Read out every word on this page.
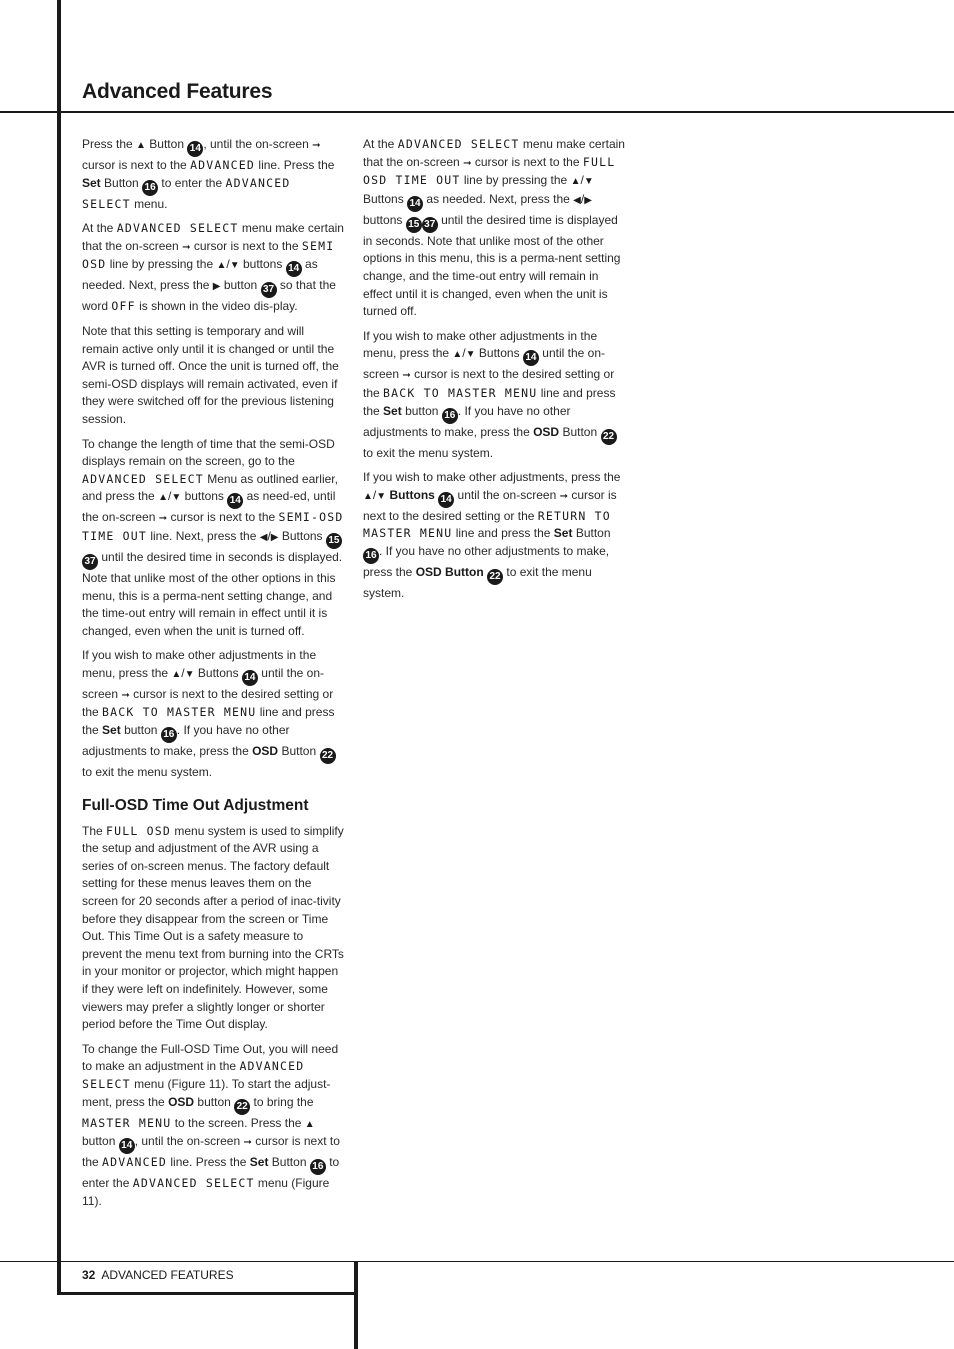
Advanced Features

Press the ▲ Button 14 , until the on-screen ➞ cursor is next to the ADVANCED line. Press the Set Button 16 to enter the ADVANCED SELECT menu.

At the ADVANCED SELECT menu make certain that the on-screen ➞ cursor is next to the SEMI OSD line by pressing the ▲/▼ buttons 14 as needed. Next, press the ▶ button 37 so that the word OFF is shown in the video dis-play.

Note that this setting is temporary and will remain active only until it is changed or until the AVR is turned off. Once the unit is turned off, the semi-OSD displays will remain activated, even if they were switched off for the previous listening session.

To change the length of time that the semi-OSD displays remain on the screen, go to the ADVANCED SELECT Menu as outlined earlier, and press the ▲/▼ buttons 14 as need-ed, until the on-screen ➞ cursor is next to the SEMI-OSD TIME OUT line. Next, press the ◀/▶ Buttons 1537 until the desired time in seconds is displayed. Note that unlike most of the other options in this menu, this is a perma-nent setting change, and the time-out entry will remain in effect until it is changed, even when the unit is turned off.

If you wish to make other adjustments in the menu, press the ▲/▼ Buttons 14 until the on-screen ➞ cursor is next to the desired setting or the BACK TO MASTER MENU line and press the Set button 16 . If you have no other adjustments to make, press the OSD Button 22 to exit the menu system.

Full-OSD Time Out Adjustment

The FULL OSD menu system is used to simplify the setup and adjustment of the AVR using a series of on-screen menus. The factory default setting for these menus leaves them on the screen for 20 seconds after a period of inac-tivity before they disappear from the screen or Time Out. This Time Out is a safety measure to prevent the menu text from burning into the CRTs in your monitor or projector, which might happen if they were left on indefinitely. However, some viewers may prefer a slightly longer or shorter period before the Time Out display.

To change the Full-OSD Time Out, you will need to make an adjustment in the ADVANCED SELECT menu (Figure 11). To start the adjust-ment, press the OSD button 22 to bring the MASTER MENU to the screen. Press the ▲ button 14 , until the on-screen ➞ cursor is next to the ADVANCED line. Press the Set Button 16 to enter the ADVANCED SELECT menu (Figure 11).

At the ADVANCED SELECT menu make certain that the on-screen ➞ cursor is next to the FULL OSD TIME OUT line by pressing the ▲/▼ Buttons 14 as needed. Next, press the ◀/▶ buttons 15 37 until the desired time is displayed in seconds. Note that unlike most of the other options in this menu, this is a perma-nent setting change, and the time-out entry will remain in effect until it is changed, even when the unit is turned off.

If you wish to make other adjustments in the menu, press the ▲/▼ Buttons 14 until the on-screen ➞ cursor is next to the desired setting or the BACK TO MASTER MENU line and press the Set button 16 . If you have no other adjustments to make, press the OSD Button 22 to exit the menu system.

If you wish to make other adjustments, press the ▲/▼ Buttons 14 until the on-screen ➞ cursor is next to the desired setting or the RETURN TO MASTER MENU line and press the Set Button 16 . If you have no other adjustments to make, press the OSD Button 22 to exit the menu system.

32 ADVANCED FEATURES
